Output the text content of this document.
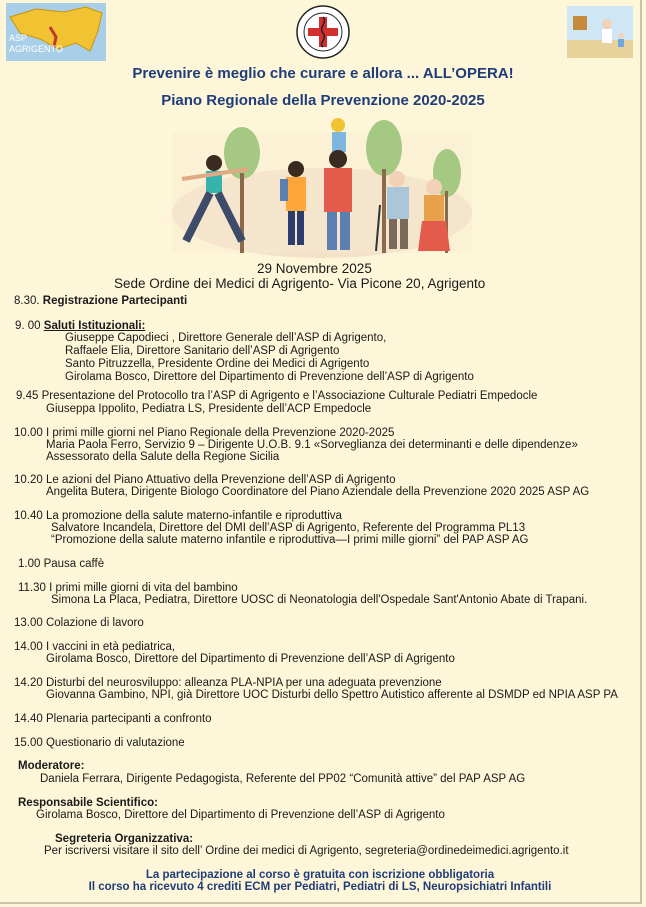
ASP
AGRIGENTO
Prevenire è meglio che curare e allora ... ALL’OPERA!
Piano Regionale della Prevenzione 2020-2025
29 Novembre 2025
Sede Ordine dei Medici di Agrigento- Via Picone 20, Agrigento
8.30. Registrazione Partecipanti
9. 00 Saluti Istituzionali:
Giuseppe Capodieci , Direttore Generale dell’ASP di Agrigento,
Raffaele Elia, Direttore Sanitario dell’ASP di Agrigento
Santo Pitruzzella, Presidente Ordine dei Medici di Agrigento
Girolama Bosco, Direttore del Dipartimento di Prevenzione dell’ASP di Agrigento
9.45 Presentazione del Protocollo tra l’ASP di Agrigento e l’Associazione Culturale Pediatri Empedocle
Giuseppa Ippolito, Pediatra LS, Presidente dell’ACP Empedocle
10.00 I primi mille giorni nel Piano Regionale della Prevenzione 2020-2025
Maria Paola Ferro, Servizio 9 – Dirigente U.O.B. 9.1 «Sorveglianza dei determinanti e delle dipendenze»
Assessorato della Salute della Regione Sicilia
10.20 Le azioni del Piano Attuativo della Prevenzione dell’ASP di Agrigento
Angelita Butera, Dirigente Biologo Coordinatore del Piano Aziendale della Prevenzione 2020 2025 ASP AG
10.40 La promozione della salute materno-infantile e riproduttiva
Salvatore Incandela, Direttore del DMI dell’ASP di Agrigento, Referente del Programma PL13
“Promozione della salute materno infantile e riproduttiva—I primi mille giorni” del PAP ASP AG
1.00 Pausa caffè
11.30 I primi mille giorni di vita del bambino
Simona La Placa, Pediatra, Direttore UOSC di Neonatologia dell'Ospedale Sant'Antonio Abate di Trapani.
13.00 Colazione di lavoro
14.00 I vaccini in età pediatrica,
Girolama Bosco, Direttore del Dipartimento di Prevenzione dell’ASP di Agrigento
14.20 Disturbi del neurosviluppo: alleanza PLA-NPIA per una adeguata prevenzione
Giovanna Gambino, NPI, già Direttore UOC Disturbi dello Spettro Autistico afferente al DSMDP ed NPIA ASP PA
14.40 Plenaria partecipanti a confronto
15.00 Questionario di valutazione
Moderatore:
Daniela Ferrara, Dirigente Pedagogista, Referente del PP02 “Comunità attive” del PAP ASP AG
Responsabile Scientifico:
Girolama Bosco, Direttore del Dipartimento di Prevenzione dell’ASP di Agrigento
Segreteria Organizzativa:
Per iscriversi visitare il sito dell’ Ordine dei medici di Agrigento, segreteria@ordinedeimedici.agrigento.it
La partecipazione al corso è gratuita con iscrizione obbligatoria
Il corso ha ricevuto 4 crediti ECM per Pediatri, Pediatri di LS, Neuropsichiatri Infantili
